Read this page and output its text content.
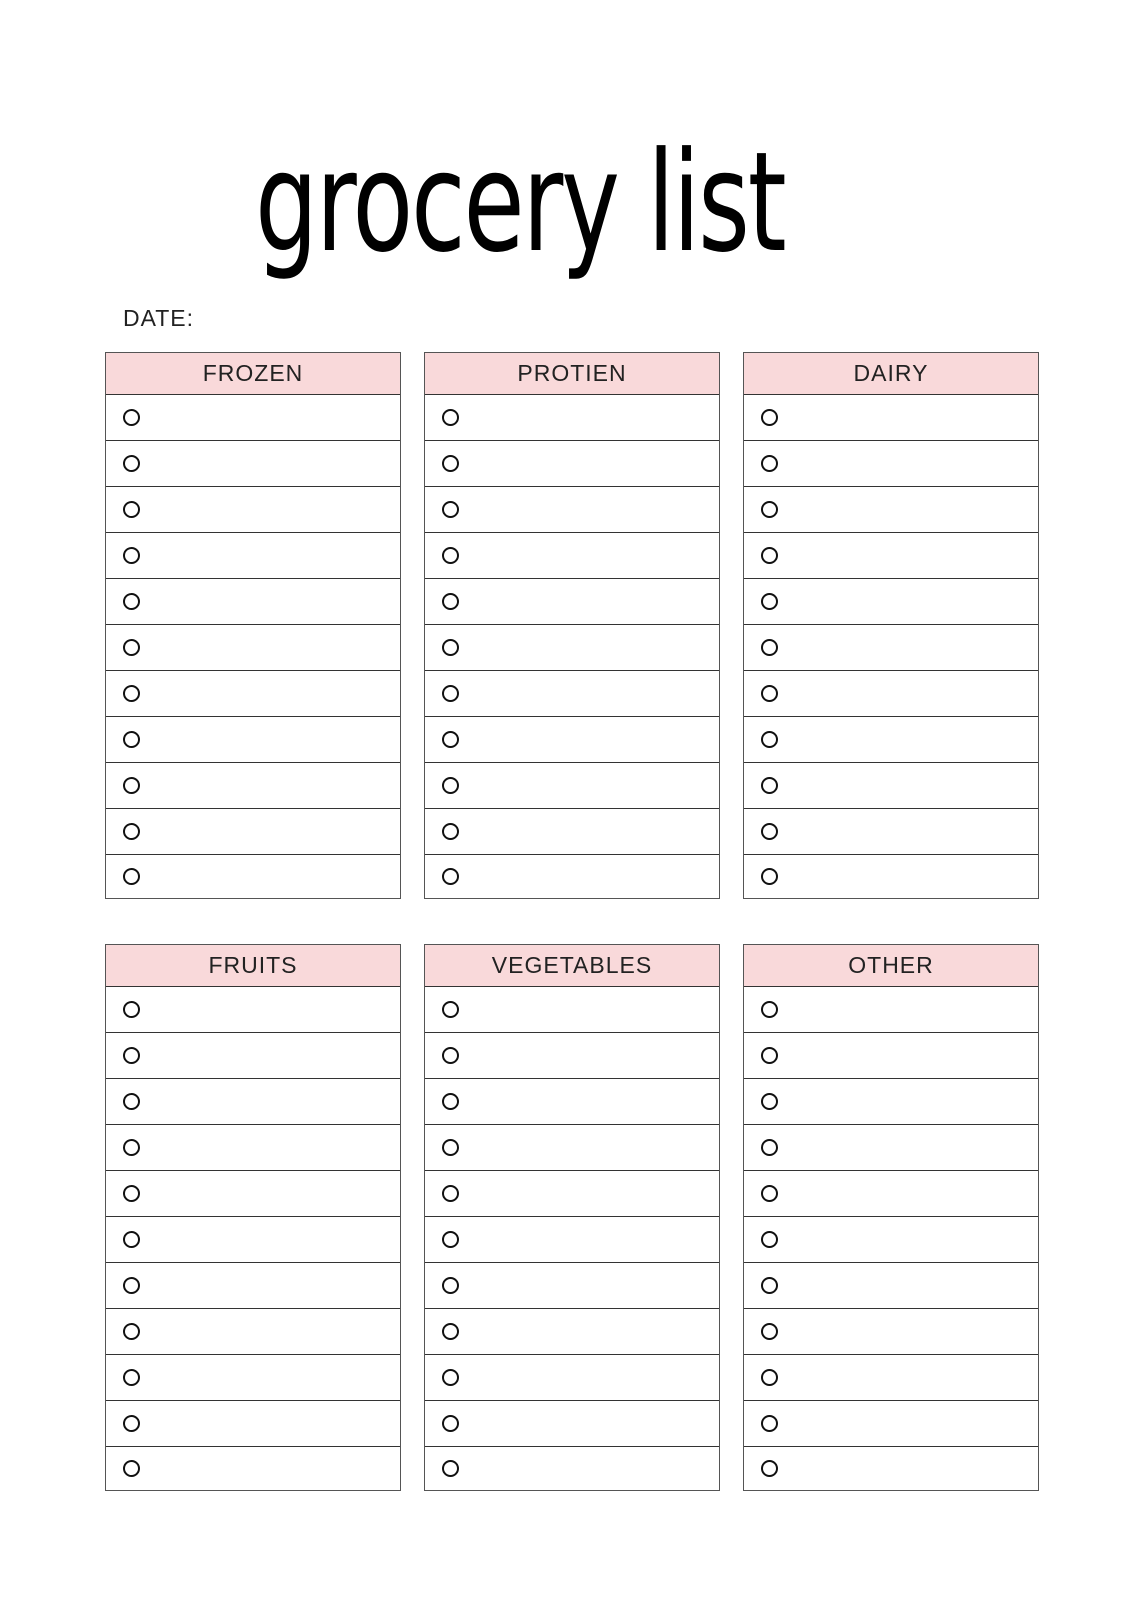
grocery list
DATE:
FROZEN	PROTIEN	DAIRY
FRUITS	VEGETABLES	OTHER
